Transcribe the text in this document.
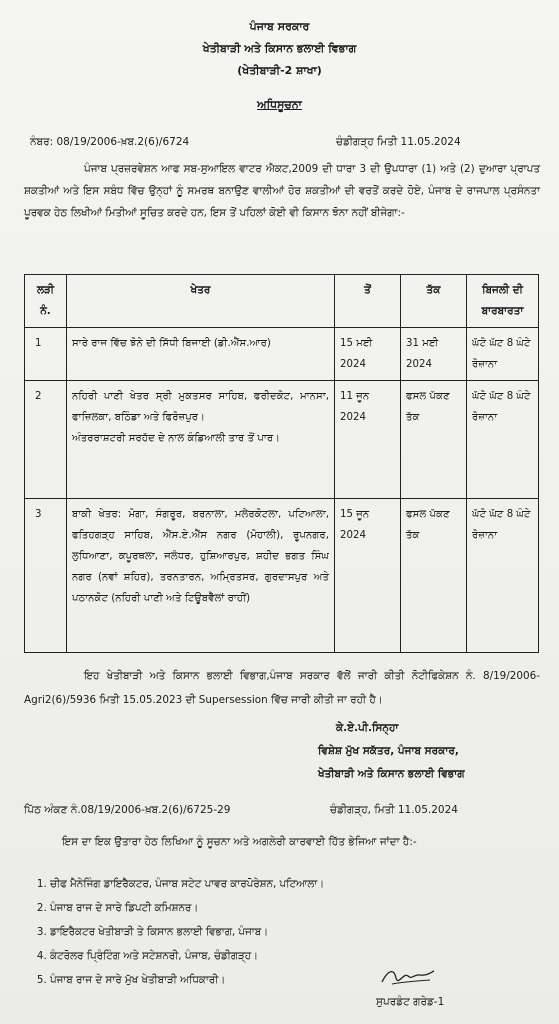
ਪੰਜਾਬ ਸਰਕਾਰ
ਖੇਤੀਬਾੜੀ ਅਤੇ ਕਿਸਾਨ ਭਲਾਈ ਵਿਭਾਗ
(ਖੇਤੀਬਾੜੀ-2 ਸ਼ਾਖਾ)
ਅਧਿਸੂਚਨਾ
ਨੰਬਰ: 08/19/2006-ਖ਼ਬ.2(6)/6724	ਚੰਡੀਗੜ੍ਹ ਮਿਤੀ 11.05.2024
ਪੰਜਾਬ ਪ੍ਰਜ਼ਰਵੇਸ਼ਨ ਆਫ ਸਬ-ਸੁਆਇਲ ਵਾਟਰ ਐਕਟ,2009 ਦੀ ਧਾਰਾ 3 ਦੀ ਉਪਧਾਰਾ (1) ਅਤੇ (2) ਦੁਆਰਾ ਪ੍ਰਾਪਤ ਸ਼ਕਤੀਆਂ ਅਤੇ ਇਸ ਸਬੰਧ ਵਿੱਚ ਉਨ੍ਹਾਂ ਨੂੰ ਸਮਰਥ ਬਨਾਉਣ ਵਾਲੀਆਂ ਹੋਰ ਸ਼ਕਤੀਆਂ ਦੀ ਵਰਤੋਂ ਕਰਦੇ ਹੋਏ, ਪੰਜਾਬ ਦੇ ਰਾਜਪਾਲ ਪ੍ਰਸੰਨਤਾ ਪੂਰਵਕ ਹੇਠ ਲਿਖੀਆਂ ਮਿਤੀਆਂ ਸੂਚਿਤ ਕਰਦੇ ਹਨ, ਇਸ ਤੋਂ ਪਹਿਲਾਂ ਕੋਈ ਵੀ ਕਿਸਾਨ ਝੋਨਾ ਨਹੀਂ ਬੀਜੇਗਾ:-
ਲੜੀ ਨੰ.	ਖੇਤਰ	ਤੋਂ	ਤੱਕ	ਬਿਜਲੀ ਦੀ ਬਾਰਬਾਰਤਾ
1	ਸਾਰੇ ਰਾਜ ਵਿੱਚ ਝੋਨੇ ਦੀ ਸਿੱਧੀ ਬਿਜਾਈ (ਡੀ.ਐੱਸ.ਆਰ)	15 ਮਈ 2024	31 ਮਈ 2024	ਘੱਟੋ ਘੱਟ 8 ਘੰਟੇ ਰੋਜ਼ਾਨਾ
2	ਨਹਿਰੀ ਪਾਣੀ ਖੇਤਰ ਸ੍ਰੀ ਮੁਕਤਸਰ ਸਾਹਿਬ, ਫਰੀਦਕੋਟ, ਮਾਨਸਾ, ਫਾਜ਼ਿਲਕਾ, ਬਠਿੰਡਾ ਅਤੇ ਫਿਰੋਜ਼ਪੁਰ।
ਅੰਤਰਰਾਸ਼ਟਰੀ ਸਰਹੱਦ ਦੇ ਨਾਲ ਕੰਡਿਆਲੀ ਤਾਰ ਤੋਂ ਪਾਰ।	11 ਜੂਨ 2024	ਫਸਲ ਪੱਕਣ ਤੱਕ	ਘੱਟੋ ਘੱਟ 8 ਘੰਟੇ ਰੋਜ਼ਾਨਾ
3	ਬਾਕੀ ਖੇਤਰ: ਮੋਗਾ, ਸੰਗਰੂਰ, ਬਰਨਾਲਾ, ਮਲੇਰਕੋਟਲਾ, ਪਟਿਆਲਾ, ਫਤਿਹਗੜ੍ਹ ਸਾਹਿਬ, ਐੱਸ.ਏ.ਐੱਸ ਨਗਰ (ਮੋਹਾਲੀ), ਰੂਪਨਗਰ, ਲੁਧਿਆਣਾ, ਕਪੂਰਥਲਾ, ਜਲੰਧਰ, ਹੁਸ਼ਿਆਰਪੁਰ, ਸ਼ਹੀਦ ਭਗਤ ਸਿੰਘ ਨਗਰ (ਨਵਾਂ ਸ਼ਹਿਰ), ਤਰਨਤਾਰਨ, ਅਮ੍ਰਿਤਸਰ, ਗੁਰਦਾਸਪੁਰ ਅਤੇ ਪਠਾਨਕੋਟ (ਨਹਿਰੀ ਪਾਣੀ ਅਤੇ ਟਿਊਬਵੈੱਲਾਂ ਰਾਹੀਂ)	15 ਜੂਨ 2024	ਫਸਲ ਪੱਕਣ ਤੱਕ	ਘੱਟੋ ਘੱਟ 8 ਘੰਟੇ ਰੋਜ਼ਾਨਾ
ਇਹ ਖੇਤੀਬਾੜੀ ਅਤੇ ਕਿਸਾਨ ਭਲਾਈ ਵਿਭਾਗ,ਪੰਜਾਬ ਸਰਕਾਰ ਵੱਲੋਂ ਜਾਰੀ ਕੀਤੀ ਨੋਟੀਫਿਕੇਸ਼ਨ ਨੰ. 8/19/2006-Agri2(6)/5936 ਮਿਤੀ 15.05.2023 ਦੀ Supersession ਵਿੱਚ ਜਾਰੀ ਕੀਤੀ ਜਾ ਰਹੀ ਹੈ।
ਕੇ.ਏ.ਪੀ.ਸਿਨ੍ਹਾ
ਵਿਸ਼ੇਸ਼ ਮੁੱਖ ਸਕੱਤਰ, ਪੰਜਾਬ ਸਰਕਾਰ,
ਖੇਤੀਬਾੜੀ ਅਤੇ ਕਿਸਾਨ ਭਲਾਈ ਵਿਭਾਗ
ਪਿੱਠ ਅੰਕਣ ਨੰ.08/19/2006-ਖ਼ਬ.2(6)/6725-29	ਚੰਡੀਗੜ੍ਹ, ਮਿਤੀ 11.05.2024
ਇਸ ਦਾ ਇਕ ਉਤਾਰਾ ਹੇਠ ਲਿਖਿਆ ਨੂੰ ਸੂਚਨਾ ਅਤੇ ਅਗਲੇਰੀ ਕਾਰਵਾਈ ਹਿੱਤ ਭੇਜਿਆ ਜਾਂਦਾ ਹੈ:-
1. ਚੀਫ ਮੈਨੇਜਿੰਗ ਡਾਇਰੈਕਟਰ, ਪੰਜਾਬ ਸਟੇਟ ਪਾਵਰ ਕਾਰਪੋਰੇਸ਼ਨ, ਪਟਿਆਲਾ।
2. ਪੰਜਾਬ ਰਾਜ ਦੇ ਸਾਰੇ ਡਿਪਟੀ ਕਮਿਸ਼ਨਰ।
3. ਡਾਇਰੈਕਟਰ ਖੇਤੀਬਾੜੀ ਤੇ ਕਿਸਾਨ ਭਲਾਈ ਵਿਭਾਗ, ਪੰਜਾਬ।
4. ਕੰਟਰੋਲਰ ਪ੍ਰਿੰਟਿੰਗ ਅਤੇ ਸਟੇਸ਼ਨਰੀ, ਪੰਜਾਬ, ਚੰਡੀਗੜ੍ਹ।
5. ਪੰਜਾਬ ਰਾਜ ਦੇ ਸਾਰੇ ਮੁੱਖ ਖੇਤੀਬਾੜੀ ਅਧਿਕਾਰੀ।
ਸੁਪਰਡੰਟ ਗਰੇਡ-1
